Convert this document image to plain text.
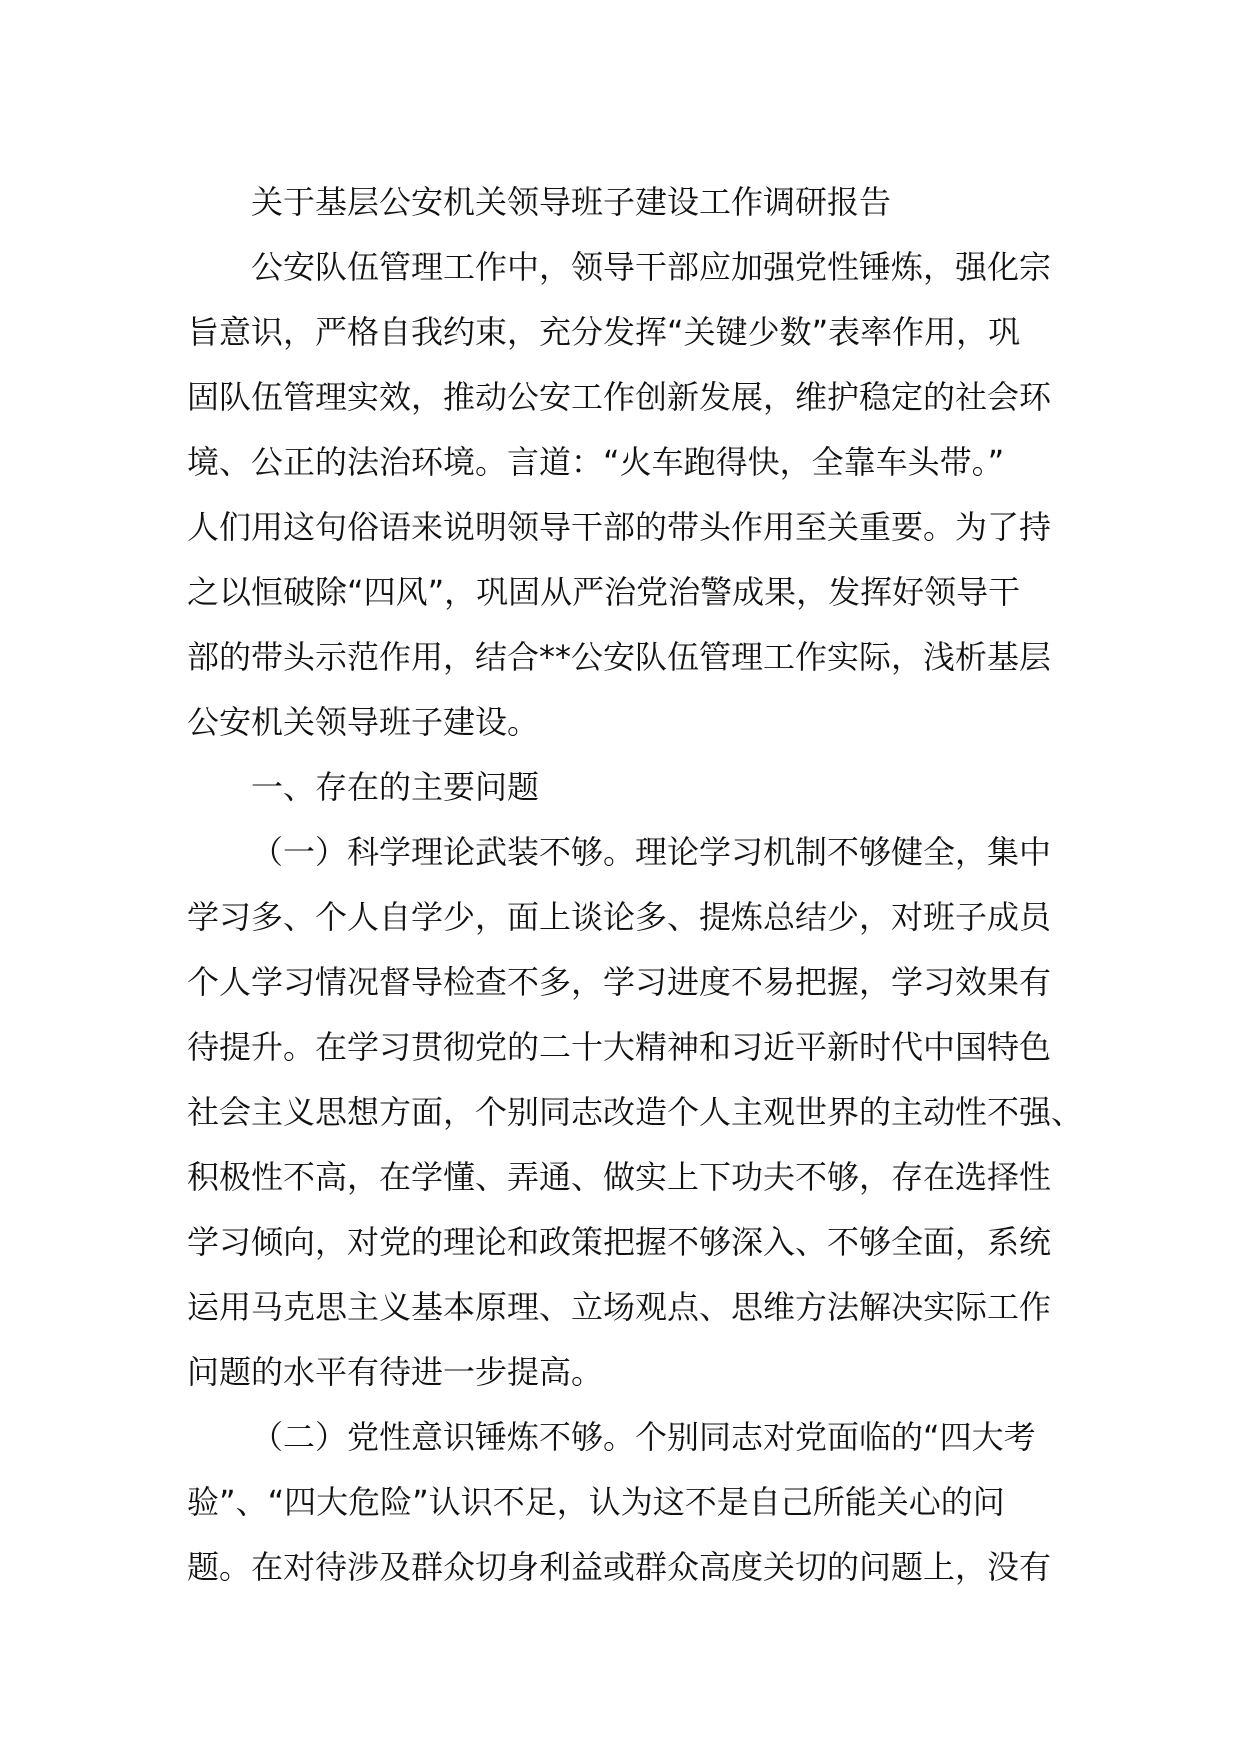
关于基层公安机关领导班子建设工作调研报告
公安队伍管理工作中，领导干部应加强党性锤炼，强化宗
旨意识，严格自我约束，充分发挥“关键少数”表率作用，巩
固队伍管理实效，推动公安工作创新发展，维护稳定的社会环
境、公正的法治环境。言道：“火车跑得快，全靠车头带。”
人们用这句俗语来说明领导干部的带头作用至关重要。为了持
之以恒破除“四风”，巩固从严治党治警成果，发挥好领导干
部的带头示范作用，结合**公安队伍管理工作实际，浅析基层
公安机关领导班子建设。
一、存在的主要问题
（一）科学理论武装不够。理论学习机制不够健全，集中
学习多、个人自学少，面上谈论多、提炼总结少，对班子成员
个人学习情况督导检查不多，学习进度不易把握，学习效果有
待提升。在学习贯彻党的二十大精神和习近平新时代中国特色
社会主义思想方面，个别同志改造个人主观世界的主动性不强、
积极性不高，在学懂、弄通、做实上下功夫不够，存在选择性
学习倾向，对党的理论和政策把握不够深入、不够全面，系统
运用马克思主义基本原理、立场观点、思维方法解决实际工作
问题的水平有待进一步提高。
（二）党性意识锤炼不够。个别同志对党面临的“四大考
验”、“四大危险”认识不足，认为这不是自己所能关心的问
题。在对待涉及群众切身利益或群众高度关切的问题上，没有
